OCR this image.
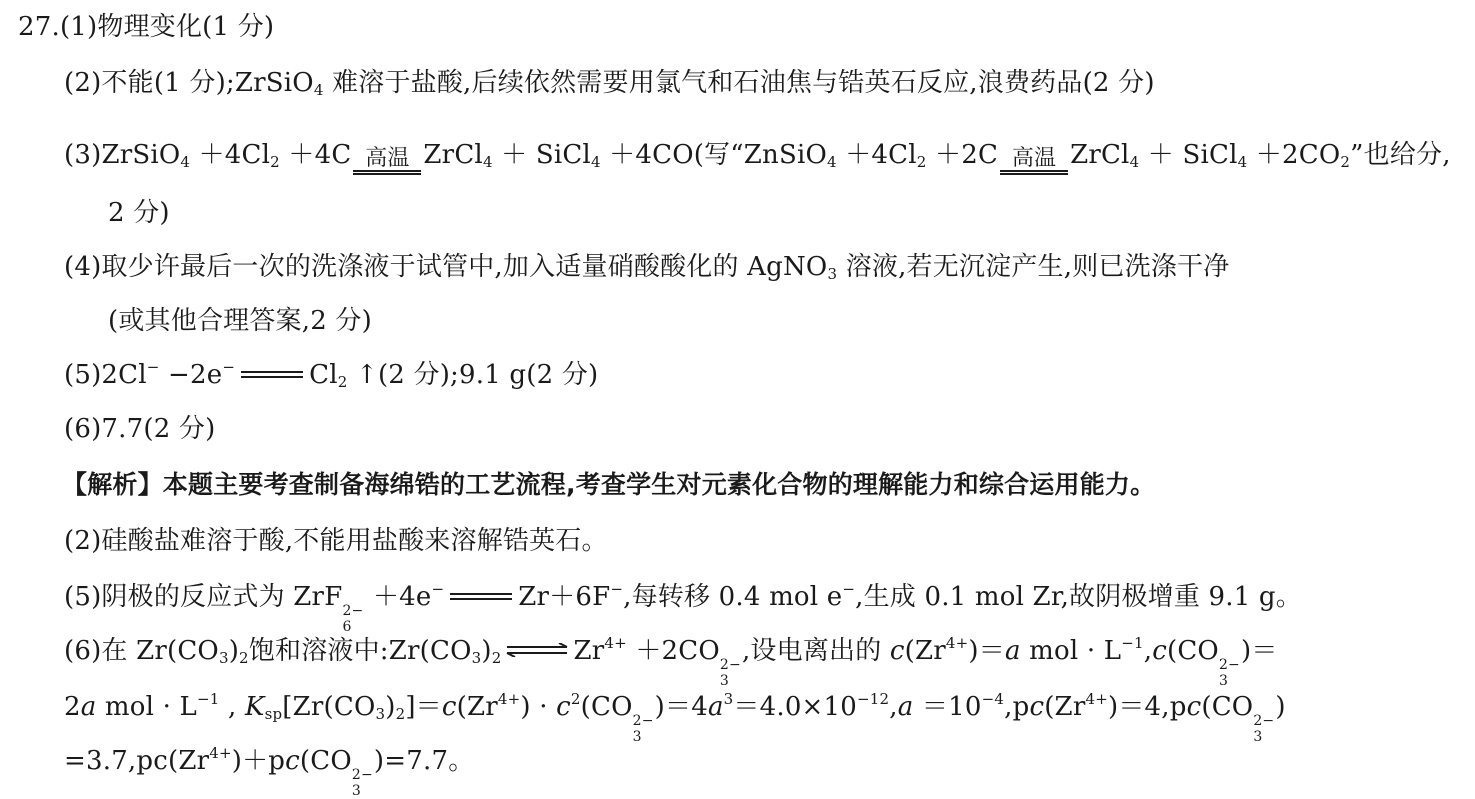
27.(1)物理变化(1 分)
(2)不能(1 分);ZrSiO$_4$ 难溶于盐酸,后续依然需要用氯气和石油焦与锆英石反应,浪费药品(2 分)
(3)ZrSiO$_4$ $+4Cl_2 +4C$ 高温 ZrCl$_4$ ＋ SiCl$_4$ ＋4CO(写“ZnSiO$_4$ $+4Cl_2 +2C$ 高温 ZrCl$_4$ ＋ SiCl$_4$ $+2CO_2$”也给分,
2 分)
(4)取少许最后一次的洗涤液于试管中,加入适量硝酸酸化的 AgNO$_3$ 溶液,若无沉淀产生,则已洗涤干净
(或其他合理答案,2 分)
(5)2Cl− −2e−	$Cl_2$ ↑(2 分);9.1 g(2 分)
(6)7.7(2 分)
【解析】本题主要考查制备海绵锆的工艺流程,考查学生对元素化合物的理解能力和综合运用能力。
(2)硅酸盐难溶于酸,不能用盐酸来溶解锆英石。
(5)阴极的反应式为 ZrF 2−
6
＋4e−	Zr＋6F−,每转移 0.4 mol e−,生成 0.1 mol Zr,故阴极增重 9.1 g。
(6)在 $Zr(CO_3)_2$饱和溶液中$:Zr(CO_3)_2$ ⇌ $Zr^{4+} +2CO$ 2−
3
,设电离出的 $c(Zr^{4+})=a$ mol · $L^{-1},c(CO$ 2−
3
)＝
2a mol · $L^{-1}$ , $K_{sp}[Zr(CO_3)_2]=c(Zr^{4+}) \cdot c^2(CO$ 2−
3
)$=4a^3=4.0\times 10^{-12},a =10^{-4},pc(Zr^{4+})=4,pc(CO$ 2−
3
)
$=3.7,pc(Zr^{4+})+pc(CO$ 2−
3
)=7.7。
